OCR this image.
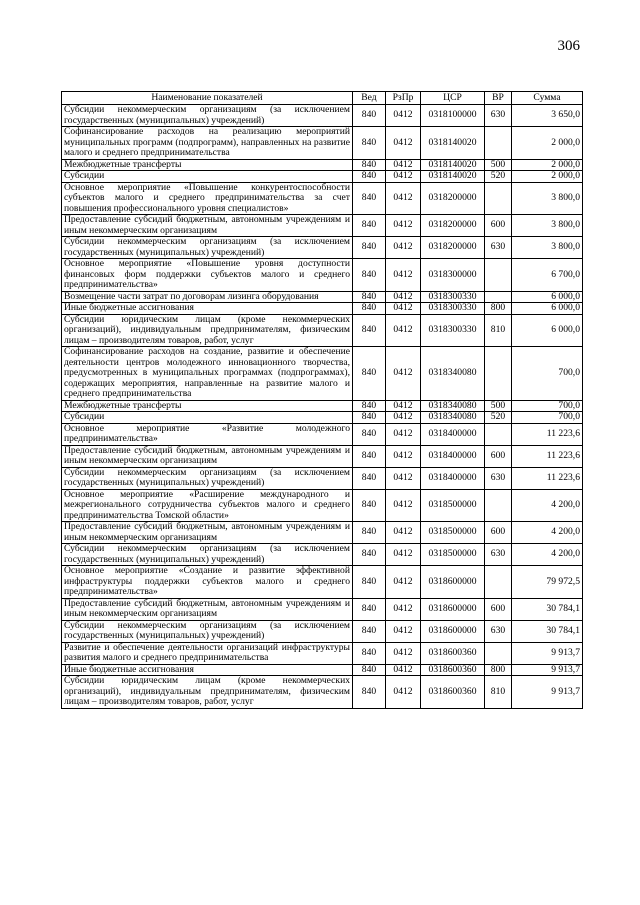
306
Наименование показателей	Вед	РзПр	ЦСР	ВР	Сумма
Субсидии некоммерческим организациям (за исключением государственных (муниципальных) учреждений)	840	0412	0318100000	630	3 650,0
Софинансирование расходов на реализацию мероприятий муниципальных программ (подпрограмм), направленных на развитие малого и среднего предпринимательства	840	0412	0318140020		2 000,0
Межбюджетные трансферты	840	0412	0318140020	500	2 000,0
Субсидии	840	0412	0318140020	520	2 000,0
Основное мероприятие «Повышение конкурентоспособности субъектов малого и среднего предпринимательства за счет повышения профессионального уровня специалистов»	840	0412	0318200000		3 800,0
Предоставление субсидий бюджетным, автономным учреждениям и иным некоммерческим организациям	840	0412	0318200000	600	3 800,0
Субсидии некоммерческим организациям (за исключением государственных (муниципальных) учреждений)	840	0412	0318200000	630	3 800,0
Основное мероприятие «Повышение уровня доступности финансовых форм поддержки субъектов малого и среднего предпринимательства»	840	0412	0318300000		6 700,0
Возмещение части затрат по договорам лизинга оборудования	840	0412	0318300330		6 000,0
Иные бюджетные ассигнования	840	0412	0318300330	800	6 000,0
Субсидии юридическим лицам (кроме некоммерческих организаций), индивидуальным предпринимателям, физическим лицам – производителям товаров, работ, услуг	840	0412	0318300330	810	6 000,0
Софинансирование расходов на создание, развитие и обеспечение деятельности центров молодежного инновационного творчества, предусмотренных в муниципальных программах (подпрограммах), содержащих мероприятия, направленные на развитие малого и среднего предпринимательства	840	0412	0318340080		700,0
Межбюджетные трансферты	840	0412	0318340080	500	700,0
Субсидии	840	0412	0318340080	520	700,0
Основное мероприятие «Развитие молодежного предпринимательства»	840	0412	0318400000		11 223,6
Предоставление субсидий бюджетным, автономным учреждениям и иным некоммерческим организациям	840	0412	0318400000	600	11 223,6
Субсидии некоммерческим организациям (за исключением государственных (муниципальных) учреждений)	840	0412	0318400000	630	11 223,6
Основное мероприятие «Расширение международного и межрегионального сотрудничества субъектов малого и среднего предпринимательства Томской области»	840	0412	0318500000		4 200,0
Предоставление субсидий бюджетным, автономным учреждениям и иным некоммерческим организациям	840	0412	0318500000	600	4 200,0
Субсидии некоммерческим организациям (за исключением государственных (муниципальных) учреждений)	840	0412	0318500000	630	4 200,0
Основное мероприятие «Создание и развитие эффективной инфраструктуры поддержки субъектов малого и среднего предпринимательства»	840	0412	0318600000		79 972,5
Предоставление субсидий бюджетным, автономным учреждениям и иным некоммерческим организациям	840	0412	0318600000	600	30 784,1
Субсидии некоммерческим организациям (за исключением государственных (муниципальных) учреждений)	840	0412	0318600000	630	30 784,1
Развитие и обеспечение деятельности организаций инфраструктуры развития малого и среднего предпринимательства	840	0412	0318600360		9 913,7
Иные бюджетные ассигнования	840	0412	0318600360	800	9 913,7
Субсидии юридическим лицам (кроме некоммерческих организаций), индивидуальным предпринимателям, физическим лицам – производителям товаров, работ, услуг	840	0412	0318600360	810	9 913,7
